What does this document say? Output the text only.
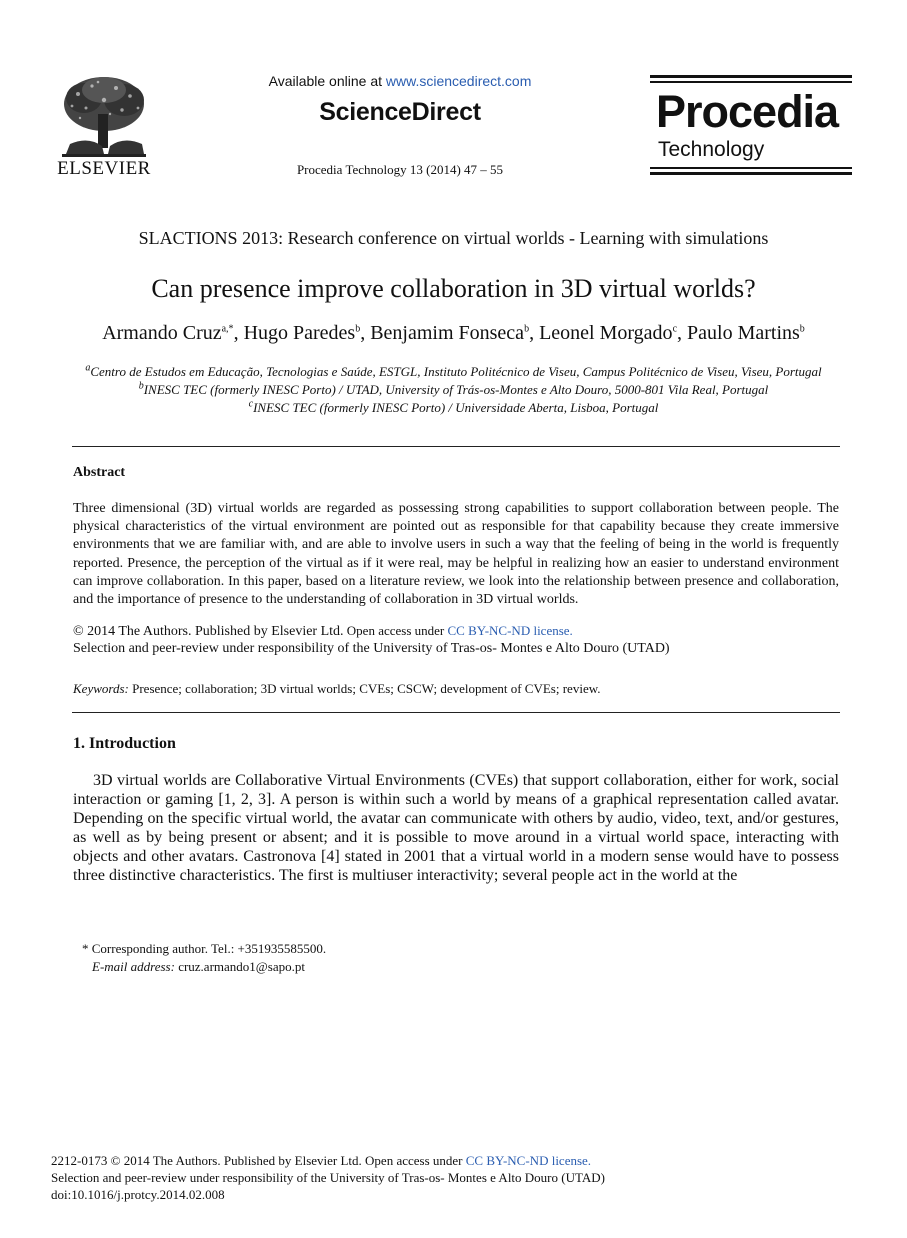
ELSEVIER
Available online at www.sciencedirect.com
ScienceDirect
Procedia Technology 13 (2014) 47 – 55
Procedia
Technology
SLACTIONS 2013: Research conference on virtual worlds - Learning with simulations
Can presence improve collaboration in 3D virtual worlds?
Armando Cruz$^{a,*}$, Hugo Paredes$^b$, Benjamim Fonseca$^b$, Leonel Morgado$^c$, Paulo Martins$^b$
$^a$Centro de Estudos em Educação, Tecnologias e Saúde, ESTGL, Instituto Politécnico de Viseu, Campus Politécnico de Viseu, Viseu, Portugal
$^b$INESC TEC (formerly INESC Porto) / UTAD, University of Trás-os-Montes e Alto Douro, 5000-801 Vila Real, Portugal
$^c$INESC TEC (formerly INESC Porto) / Universidade Aberta, Lisboa, Portugal
Abstract
Three dimensional (3D) virtual worlds are regarded as possessing strong capabilities to support collaboration between people. The physical characteristics of the virtual environment are pointed out as responsible for that capability because they create immersive environments that we are familiar with, and are able to involve users in such a way that the feeling of being in the world is frequently reported. Presence, the perception of the virtual as if it were real, may be helpful in realizing how an easier to understand environment can improve collaboration. In this paper, based on a literature review, we look into the relationship between presence and collaboration, and the importance of presence to the understanding of collaboration in 3D virtual worlds.
© 2014 The Authors. Published by Elsevier Ltd. Open access under CC BY-NC-ND license.
Selection and peer-review under responsibility of the University of Tras-os- Montes e Alto Douro (UTAD)
Keywords: Presence; collaboration; 3D virtual worlds; CVEs; CSCW; development of CVEs; review.
1. Introduction

3D virtual worlds are Collaborative Virtual Environments (CVEs) that support collaboration, either for work, social interaction or gaming [1, 2, 3]. A person is within such a world by means of a graphical representation called avatar. Depending on the specific virtual world, the avatar can communicate with others by audio, video, text, and/or gestures, as well as by being present or absent; and it is possible to move around in a virtual world space, interacting with objects and other avatars. Castronova [4] stated in 2001 that a virtual world in a modern sense would have to possess three distinctive characteristics. The first is multiuser interactivity; several people act in the world at the

* Corresponding author. Tel.: +351935585500.
E-mail address: cruz.armando1@sapo.pt
2212-0173 © 2014 The Authors. Published by Elsevier Ltd. Open access under CC BY-NC-ND license.
Selection and peer-review under responsibility of the University of Tras-os- Montes e Alto Douro (UTAD)
doi:10.1016/j.protcy.2014.02.008
